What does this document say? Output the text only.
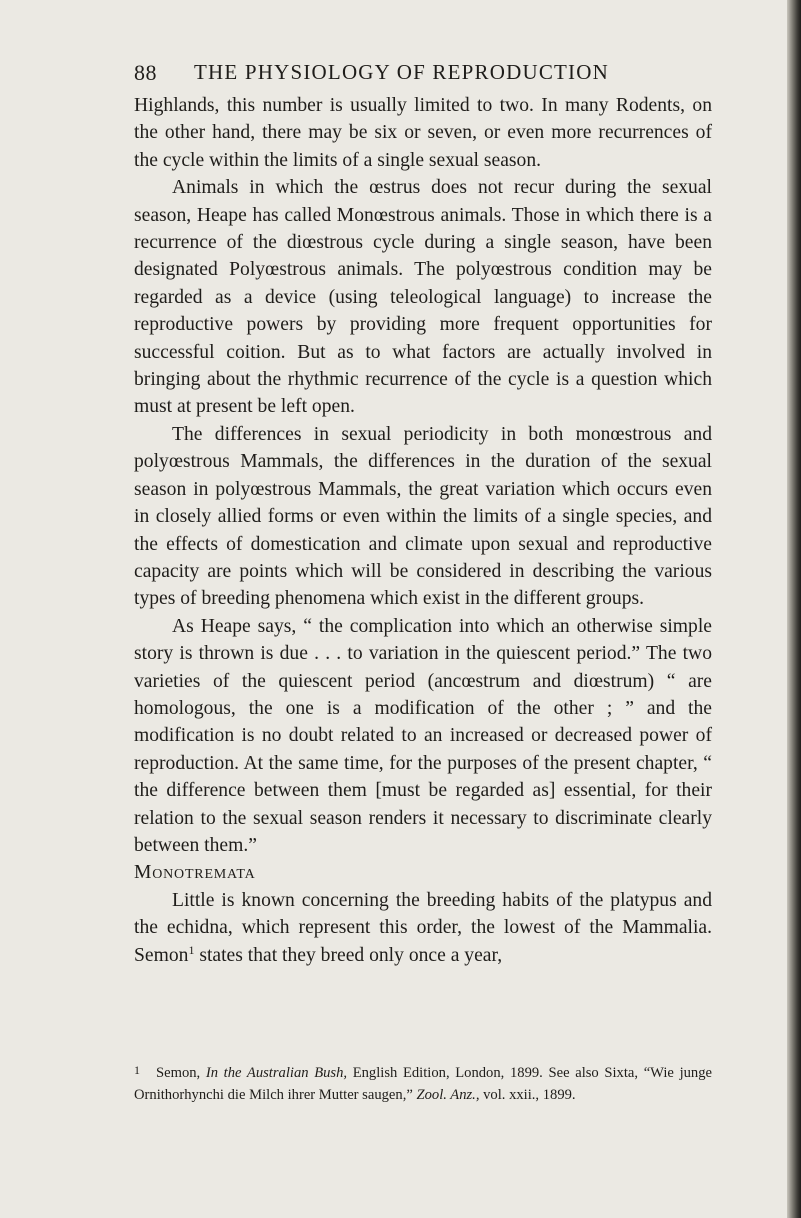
88 THE PHYSIOLOGY OF REPRODUCTION

Highlands, this number is usually limited to two. In many Rodents, on the other hand, there may be six or seven, or even more recurrences of the cycle within the limits of a single sexual season.

Animals in which the œstrus does not recur during the sexual season, Heape has called Monœstrous animals. Those in which there is a recurrence of the diœstrous cycle during a single season, have been designated Polyœstrous animals. The polyœstrous condition may be regarded as a device (using teleological language) to increase the reproductive powers by providing more frequent opportunities for successful coition. But as to what factors are actually involved in bringing about the rhythmic recurrence of the cycle is a question which must at present be left open.

The differences in sexual periodicity in both monœstrous and polyœstrous Mammals, the differences in the duration of the sexual season in polyœstrous Mammals, the great variation which occurs even in closely allied forms or even within the limits of a single species, and the effects of domestication and climate upon sexual and reproductive capacity are points which will be considered in describing the various types of breeding phenomena which exist in the different groups.

As Heape says, “ the complication into which an otherwise simple story is thrown is due . . . to variation in the quiescent period.” The two varieties of the quiescent period (ancœstrum and diœstrum) “ are homologous, the one is a modification of the other ; ” and the modification is no doubt related to an increased or decreased power of reproduction. At the same time, for the purposes of the present chapter, “ the difference between them [must be regarded as] essential, for their relation to the sexual season renders it necessary to discriminate clearly between them.”

Monotremata

Little is known concerning the breeding habits of the platypus and the echidna, which represent this order, the lowest of the Mammalia. Semon$^1$ states that they breed only once a year,

1 Semon, In the Australian Bush, English Edition, London, 1899. See also Sixta, “Wie junge Ornithorhynchi die Milch ihrer Mutter saugen,” Zool. Anz., vol. xxii., 1899.
